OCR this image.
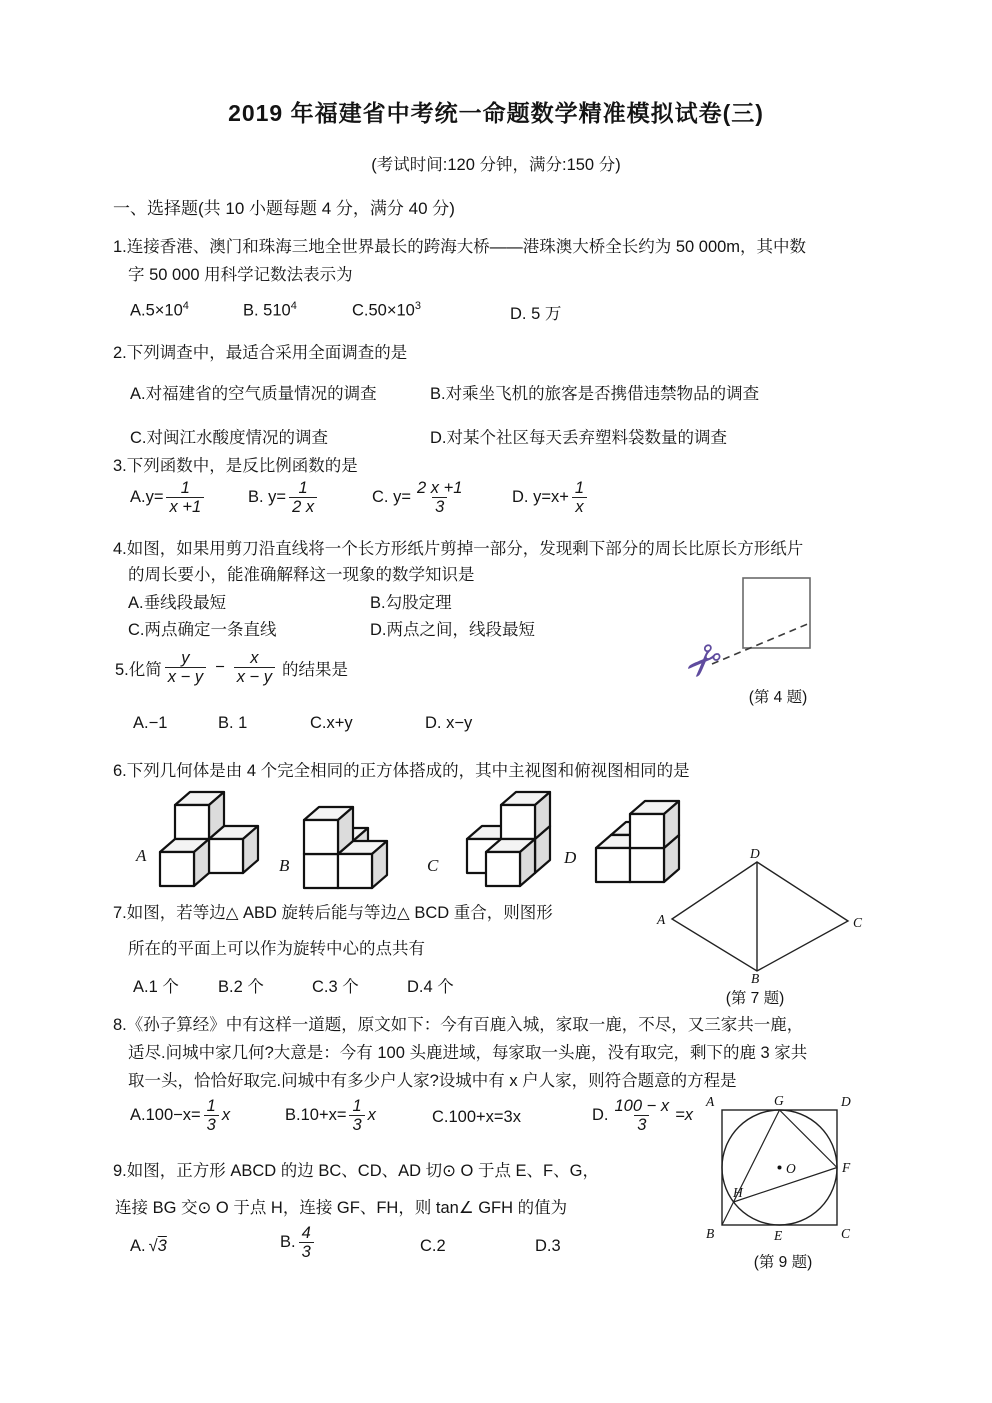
2019 年福建省中考统一命题数学精准模拟试卷(三)
(考试时间:120 分钟，满分:150 分)
一、选择题(共 10 小题每题 4 分，满分 40 分)
1.连接香港、澳门和珠海三地全世界最长的跨海大桥——港珠澳大桥全长约为 50 000m，其中数
字 50 000 用科学记数法表示为
$A.5\times 10^4$	B. $510^4$	$C.50\times 10^3$	D. 5 万
2.下列调查中，最适合采用全面调查的是
A.对福建省的空气质量情况的调查	B.对乘坐飞机的旅客是否携借违禁物品的调查
C.对闽江水酸度情况的调查	D.对某个社区每天丢弃塑料袋数量的调查
3.下列函数中，是反比例函数的是
$A.y= \frac{1}{x +1}$	B. $y= \frac{1}{2 x}$	C. $y= \frac{2 x +1}{3}$	D. $y=x+ \frac{1}{x}$
4.如图，如果用剪刀沿直线将一个长方形纸片剪掉一部分，发现剩下部分的周长比原长方形纸片
的周长要小，能准确解释这一现象的数学知识是
A.垂线段最短	B.勾股定理
C.两点确定一条直线	D.两点之间，线段最短
✂
(第 4 题)
5.化简 $\frac{y}{x - y} - \frac{x}{x - y}$ 的结果是
A.−1	B. 1	C.x+y	D. x−y
6.下列几何体是由 4 个完全相同的正方体搭成的，其中主视图和俯视图相同的是
A
B	C	D
7.如图，若等边△ ABD 旋转后能与等边△ BCD 重合，则图形
所在的平面上可以作为旋转中心的点共有
A.1 个 B.2 个	C.3 个	D.4 个
D
A	C
B
(第 7 题)
8.《孙子算经》中有这样一道题，原文如下：今有百鹿入城，家取一鹿，不尽，又三家共一鹿，
适尽.问城中家几何?大意是：今有 100 头鹿进域，每家取一头鹿，没有取完，剩下的鹿 3 家共
取一头，恰恰好取完.问城中有多少户人家?设城中有 x 户人家，则符合题意的方程是
$A.100-x= \frac{1}{3}$ x	$B.10+x= \frac{1}{3}$ x	C.100+x=3x	D. $\frac{100 - x}{3} =x$
9.如图，正方形 ABCD 的边 BC、CD、AD 切⊙ O 于点 E、F、G，
连接 BG 交⊙ O 于点 H，连接 GF、FH，则 tan∠ GFH 的值为
A. √3	B. $\frac{4}{3}$	C.2	D.3
A	G	D
F
C
E
B
H
O
(第 9 题)
